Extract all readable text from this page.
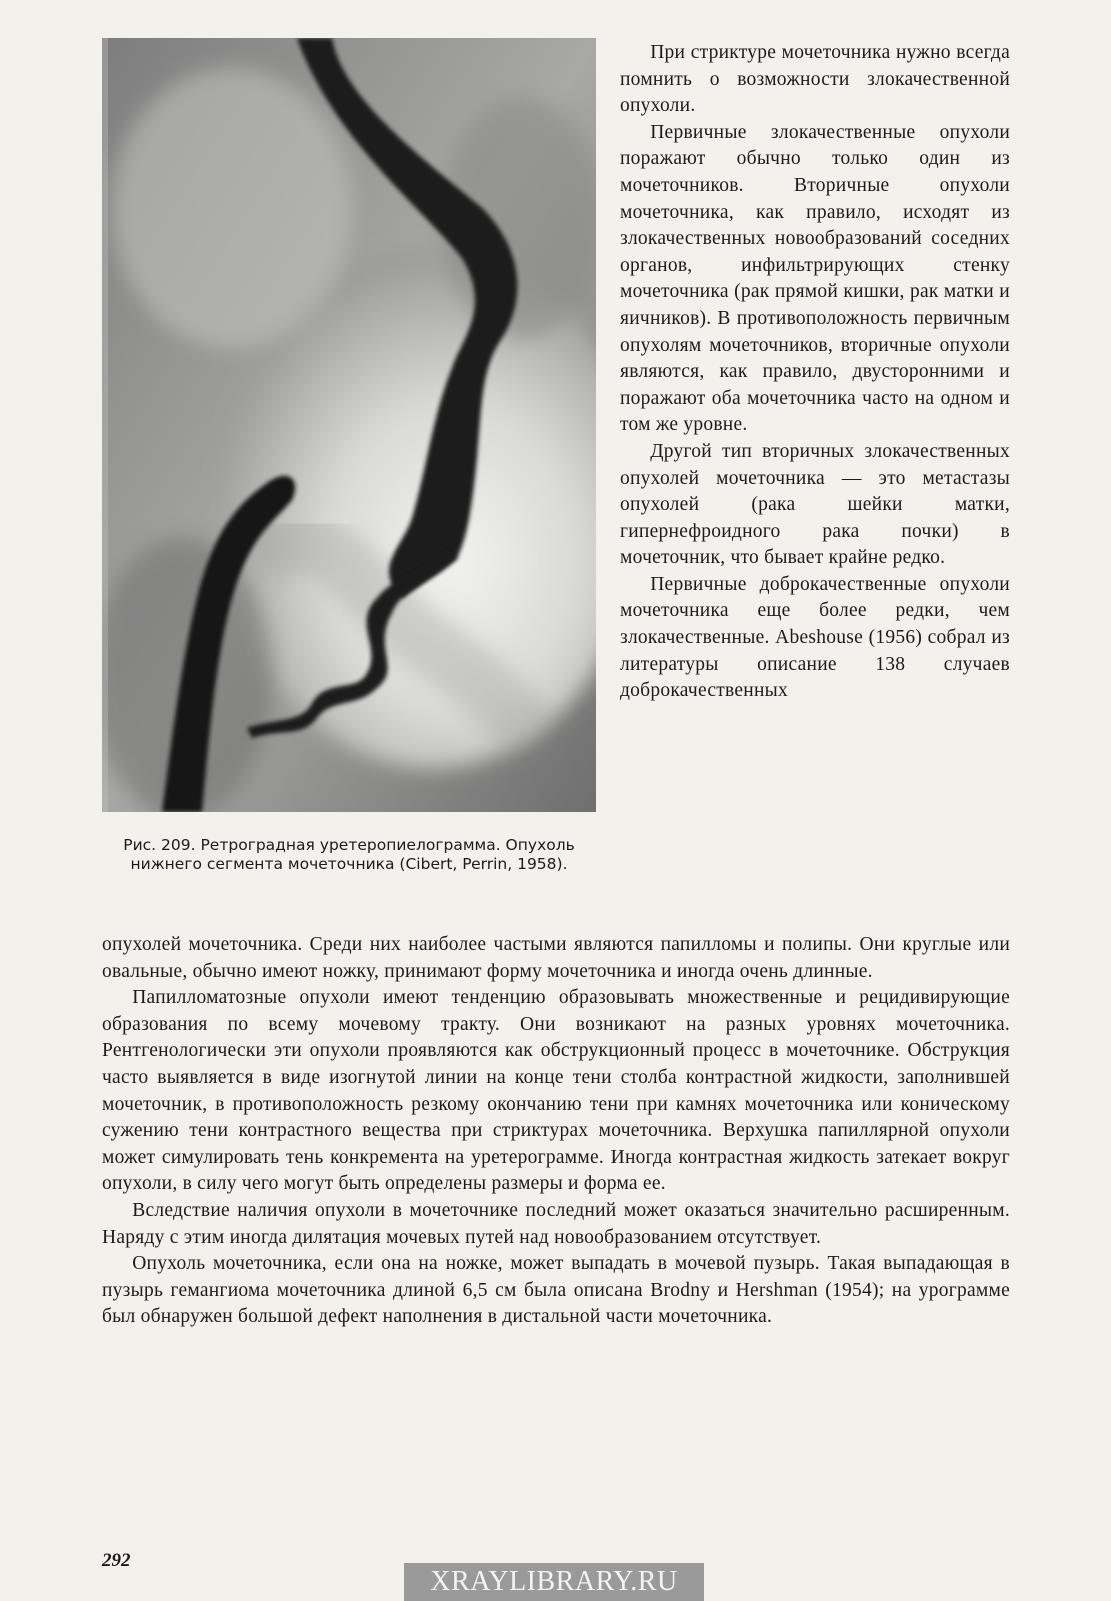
Рис. 209. Ретроградная уретеропиелограмма. Опухоль нижнего сегмента мочеточника (Cibert, Perrin, 1958).

При стриктуре мочеточника нужно всегда помнить о возможности злокачественной опухоли.

Первичные злокачественные опухоли поражают обычно только один из мочеточников. Вторичные опухоли мочеточника, как правило, исходят из злокачественных новообразований соседних органов, инфильтрирующих стенку мочеточника (рак прямой кишки, рак матки и яичников). В противоположность первичным опухолям мочеточников, вторичные опухоли являются, как правило, двусторонними и поражают оба мочеточника часто на одном и том же уровне.

Другой тип вторичных злокачественных опухолей мочеточника — это метастазы опухолей (рака шейки матки, гипернефроидного рака почки) в мочеточник, что бывает крайне редко.

Первичные доброкачественные опухоли мочеточника еще более редки, чем злокачественные. Abeshouse (1956) собрал из литературы описание 138 случаев доброкачественных

опухолей мочеточника. Среди них наиболее частыми являются папилломы и полипы. Они круглые или овальные, обычно имеют ножку, принимают форму мочеточника и иногда очень длинные.

Папилломатозные опухоли имеют тенденцию образовывать множественные и рецидивирующие образования по всему мочевому тракту. Они возникают на разных уровнях мочеточника. Рентгенологически эти опухоли проявляются как обструкционный процесс в мочеточнике. Обструкция часто выявляется в виде изогнутой линии на конце тени столба контрастной жидкости, заполнившей мочеточник, в противоположность резкому окончанию тени при камнях мочеточника или коническому сужению тени контрастного вещества при стриктурах мочеточника. Верхушка папиллярной опухоли может симулировать тень конкремента на уретерограмме. Иногда контрастная жидкость затекает вокруг опухоли, в силу чего могут быть определены размеры и форма ее.

Вследствие наличия опухоли в мочеточнике последний может оказаться значительно расширенным. Наряду с этим иногда дилятация мочевых путей над новообразованием отсутствует.

Опухоль мочеточника, если она на ножке, может выпадать в мочевой пузырь. Такая выпадающая в пузырь гемангиома мочеточника длиной 6,5 см была описана Brodny и Hershman (1954); на урограмме был обнаружен большой дефект наполнения в дистальной части мочеточника.

292
XRAYLIBRARY.RU
